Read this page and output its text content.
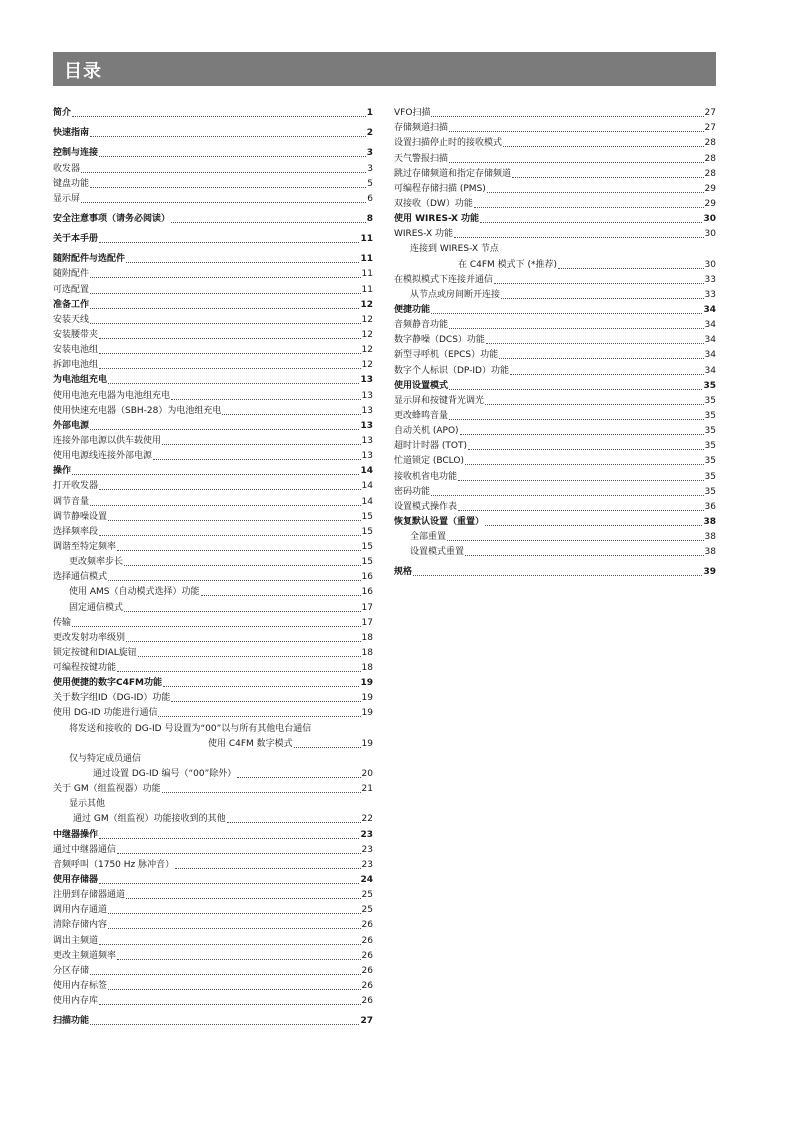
目录
简介	1
快速指南	2
控制与连接	3
收发器	3
键盘功能	5
显示屏	6
安全注意事项（请务必阅读）	8
关于本手册	11
随附配件与选配件	11
随附配件	11
可选配置	11
准备工作	12
安装天线	12
安装腰带夹	12
安装电池组	12
拆卸电池组	12
为电池组充电	13
使用电池充电器为电池组充电	13
使用快速充电器（SBH-28）为电池组充电	13
外部电源	13
连接外部电源以供车载使用	13
使用电源线连接外部电源	13
操作	14
打开收发器	14
调节音量	14
调节静噪设置	15
选择频率段	15
调谐至特定频率	15
更改频率步长	15
选择通信模式	16
使用 AMS（自动模式选择）功能	16
固定通信模式	17
传输	17
更改发射功率级别	18
锁定按键和DIAL旋钮	18
可编程按键功能	18
使用便捷的数字C4FM功能	19
关于数字组ID（DG-ID）功能	19
使用 DG-ID 功能进行通信	19
将发送和接收的 DG-ID 号设置为“00”以与所有其他电台通信
使用 C4FM 数字模式	19
仅与特定成员通信
通过设置 DG-ID 编号（“00”除外）	20
关于 GM（组监视器）功能	21
显示其他
通过 GM（组监视）功能接收到的其他	22
中继器操作	23
通过中继器通信	23
音频呼叫（1750 Hz 脉冲音）	23
使用存储器	24
注册到存储器通道	25
调用内存通道	25
清除存储内容	26
调出主频道	26
更改主频道频率	26
分区存储	26
使用内存标签	26
使用内存库	26
扫描功能	27
VFO扫描	27
存储频道扫描	27
设置扫描停止时的接收模式	28
天气警报扫描	28
跳过存储频道和指定存储频道	28
可编程存储扫描 (PMS)	29
双接收（DW）功能	29
使用 WIRES-X 功能	30
WIRES-X 功能	30
连接到 WIRES-X 节点
在 C4FM 模式下 (*推荐)	30
在模拟模式下连接并通信	33
从节点或房间断开连接	33
便捷功能	34
音频静音功能	34
数字静噪（DCS）功能	34
新型寻呼机（EPCS）功能	34
数字个人标识（DP-ID）功能	34
使用设置模式	35
显示屏和按键背光调光	35
更改蜂鸣音量	35
自动关机 (APO)	35
超时计时器 (TOT)	35
忙道锁定 (BCLO)	35
接收机省电功能	35
密码功能	35
设置模式操作表	36
恢复默认设置（重置）	38
全部重置	38
设置模式重置	38
规格	39
